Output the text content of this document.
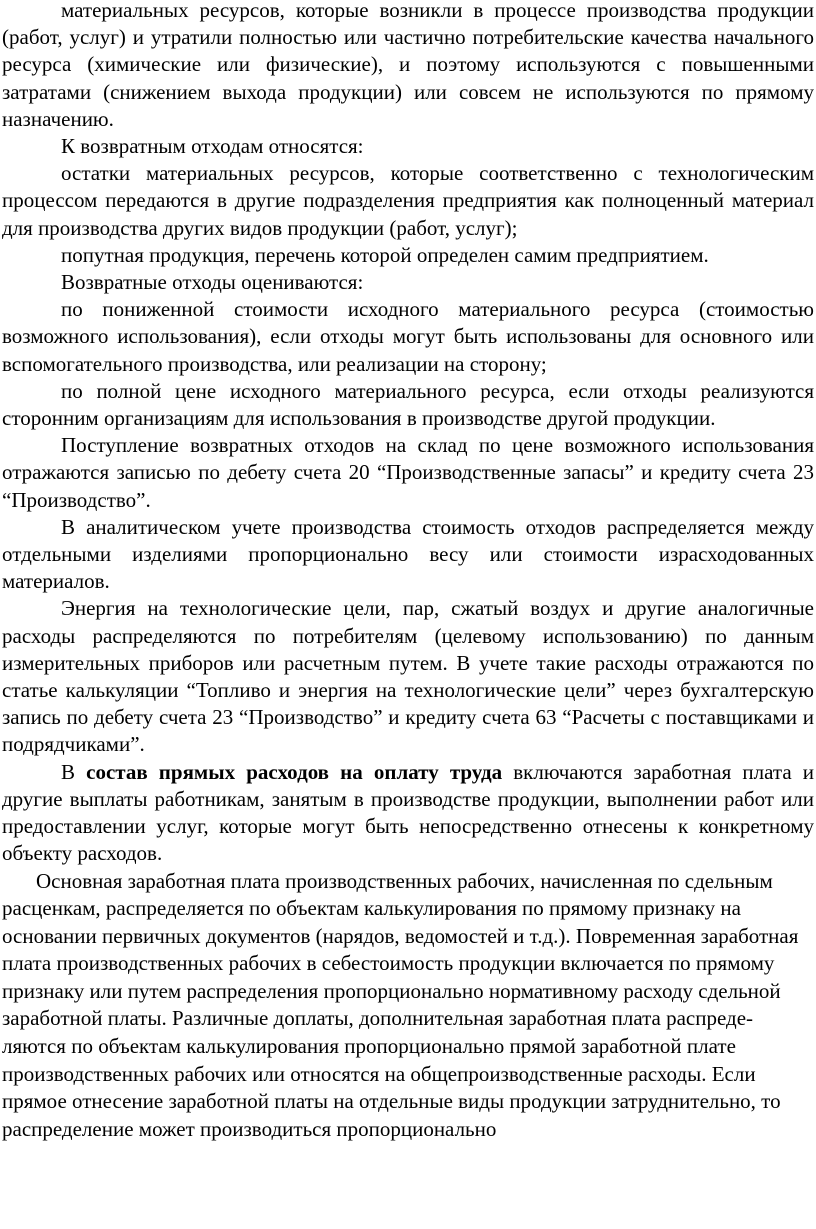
материальных ресурсов, которые возникли в процессе производства продукции (работ, услуг) и утратили полностью или частично потребительские качества начального ресурса (химические или физические), и поэтому используются с повышенными затратами (снижением выхода продукции) или совсем не используются по прямому назначению.

К возвратным отходам относятся:

остатки материальных ресурсов, которые соответственно с технологическим процессом передаются в другие подразделения предприятия как полноценный материал для производства других видов продукции (работ, услуг);

попутная продукция, перечень которой определен самим предприятием.

Возвратные отходы оцениваются:

по пониженной стоимости исходного материального ресурса (стоимостью возможного использования), если отходы могут быть использованы для основного или вспомогательного производства, или реализации на сторону;

по полной цене исходного материального ресурса, если отходы реализуются сторонним организациям для использования в производстве другой продукции.

Поступление возвратных отходов на склад по цене возможного использования отражаются записью по дебету счета 20 “Производственные запасы” и кредиту счета 23 “Производство”.

В аналитическом учете производства стоимость отходов распределяется между отдельными изделиями пропорционально весу или стоимости израсходованных материалов.

Энергия на технологические цели, пар, сжатый воздух и другие аналогичные расходы распределяются по потребителям (целевому использованию) по данным измерительных приборов или расчетным путем. В учете такие расходы отражаются по статье калькуляции “Топливо и энергия на технологические цели” через бухгалтерскую запись по дебету счета 23 “Производство” и кредиту счета 63 “Расчеты с поставщиками и подрядчиками”.

В состав прямых расходов на оплату труда включаются заработная плата и другие выплаты работникам, занятым в производстве продукции, выполнении работ или предоставлении услуг, которые могут быть непосредственно отнесены к конкретному объекту расходов.

Основная заработная плата производственных рабочих, начисленная по сдельным расценкам, распределяется по объектам калькулирования по прямому признаку на основании первичных документов (нарядов, ведомостей и т.д.). Повременная заработная плата производственных рабочих в себестоимость продукции включается по прямому признаку или путем распределения пропорционально нормативному расходу сдельной заработной платы. Различные доплаты, дополнительная заработная плата распреде-ляются по объектам калькулирования пропорционально прямой заработной плате производственных рабочих или относятся на общепроизводственные расходы. Если прямое отнесение заработной платы на отдельные виды продукции затруднительно, то распределение может производиться пропорционально
